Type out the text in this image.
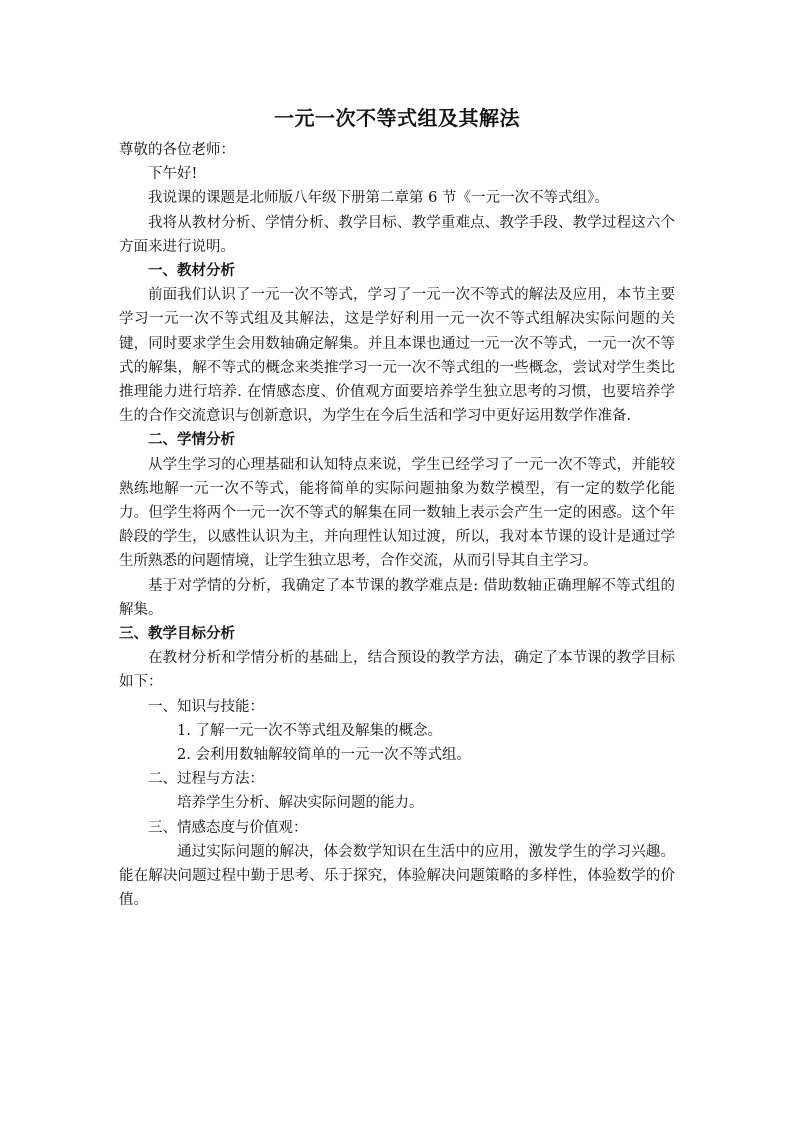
一元一次不等式组及其解法

尊敬的各位老师：

下午好!

我说课的课题是北师版八年级下册第二章第 6 节《一元一次不等式组》。

我将从教材分析、学情分析、教学目标、教学重难点、教学手段、教学过程这六个方面来进行说明。

一、教材分析

前面我们认识了一元一次不等式，学习了一元一次不等式的解法及应用，本节主要学习一元一次不等式组及其解法，这是学好利用一元一次不等式组解决实际问题的关键，同时要求学生会用数轴确定解集。并且本课也通过一元一次不等式，一元一次不等式的解集，解不等式的概念来类推学习一元一次不等式组的一些概念，尝试对学生类比推理能力进行培养. 在情感态度、价值观方面要培养学生独立思考的习惯，也要培养学生的合作交流意识与创新意识，为学生在今后生活和学习中更好运用数学作准备.

二、学情分析

从学生学习的心理基础和认知特点来说，学生已经学习了一元一次不等式，并能较熟练地解一元一次不等式，能将简单的实际问题抽象为数学模型，有一定的数学化能力。但学生将两个一元一次不等式的解集在同一数轴上表示会产生一定的困惑。这个年龄段的学生，以感性认识为主，并向理性认知过渡，所以，我对本节课的设计是通过学生所熟悉的问题情境，让学生独立思考，合作交流，从而引导其自主学习。

基于对学情的分析，我确定了本节课的教学难点是: 借助数轴正确理解不等式组的解集。

三、教学目标分析

在教材分析和学情分析的基础上，结合预设的教学方法，确定了本节课的教学目标如下：

一、知识与技能：

1. 了解一元一次不等式组及解集的概念。

2. 会利用数轴解较简单的一元一次不等式组。

二、过程与方法：

培养学生分析、解决实际问题的能力。

三、情感态度与价值观：

通过实际问题的解决，体会数学知识在生活中的应用，激发学生的学习兴趣。能在解决问题过程中勤于思考、乐于探究，体验解决问题策略的多样性，体验数学的价值。
